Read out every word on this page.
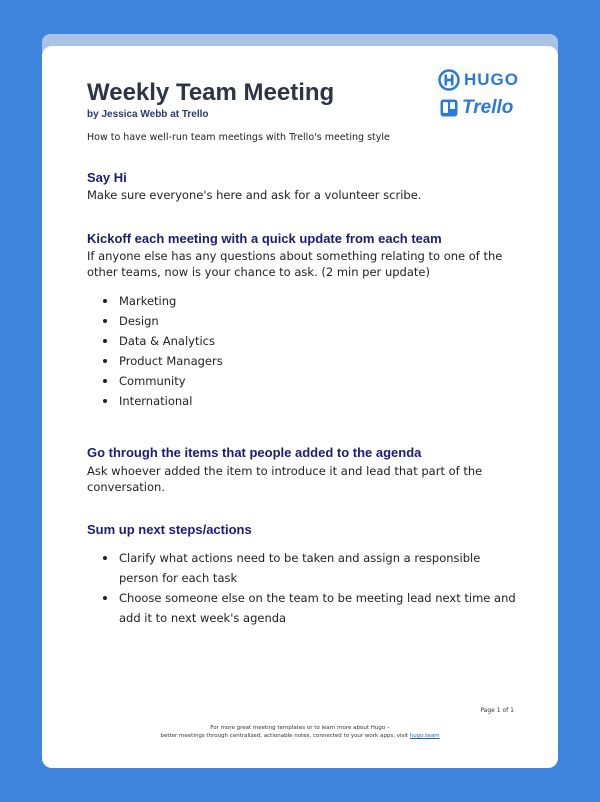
HUGO
Trello
Weekly Team Meeting

by Jessica Webb at Trello

How to have well-run team meetings with Trello's meeting style

Say Hi

Make sure everyone's here and ask for a volunteer scribe.

Kickoff each meeting with a quick update from each team

If anyone else has any questions about something relating to one of the other teams, now is your chance to ask. (2 min per update)

Marketing
Design
Data & Analytics
Product Managers
Community
International
Go through the items that people added to the agenda

Ask whoever added the item to introduce it and lead that part of the conversation.

Sum up next steps/actions
Clarify what actions need to be taken and assign a responsible person for each task
Choose someone else on the team to be meeting lead next time and add it to next week's agenda

Page 1 of 1

For more great meeting templates or to learn more about Hugo –
better meetings through centralized, actionable notes, connected to your work apps, visit hugo.team
